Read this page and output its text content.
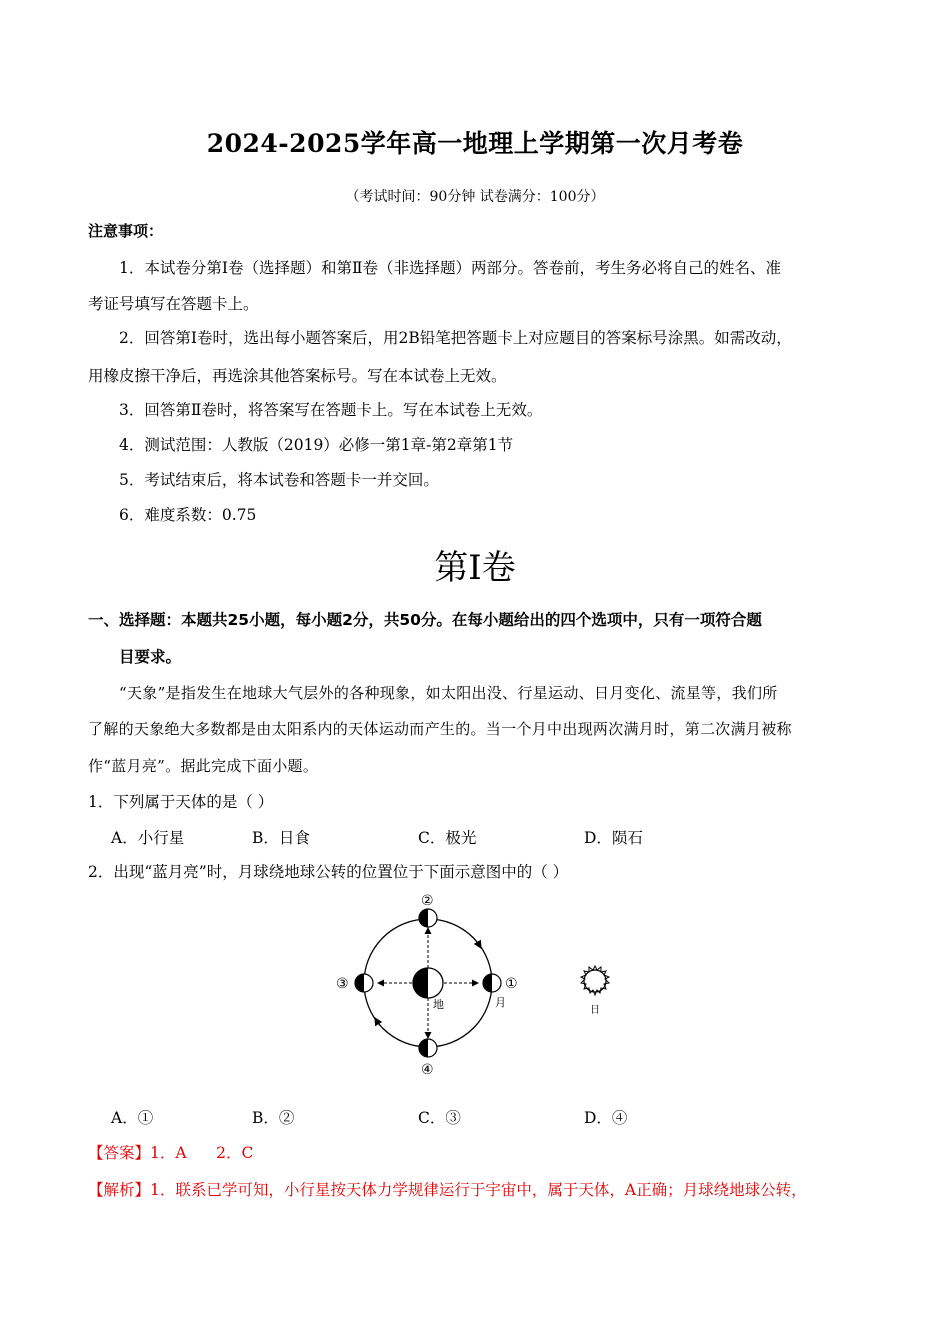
2024-2025学年高一地理上学期第一次月考卷
（考试时间：90分钟 试卷满分：100分）
注意事项：
1．本试卷分第Ⅰ卷（选择题）和第Ⅱ卷（非选择题）两部分。答卷前，考生务必将自己的姓名、准
考证号填写在答题卡上。
2．回答第Ⅰ卷时，选出每小题答案后，用2B铅笔把答题卡上对应题目的答案标号涂黑。如需改动，
用橡皮擦干净后，再选涂其他答案标号。写在本试卷上无效。
3．回答第Ⅱ卷时，将答案写在答题卡上。写在本试卷上无效。
4．测试范围：人教版（2019）必修一第1章-第2章第1节
5．考试结束后，将本试卷和答题卡一并交回。
6．难度系数：0.75
第Ⅰ卷
一、选择题：本题共25小题，每小题2分，共50分。在每小题给出的四个选项中，只有一项符合题
目要求。
“天象”是指发生在地球大气层外的各种现象，如太阳出没、行星运动、日月变化、流星等，我们所
了解的天象绝大多数都是由太阳系内的天体运动而产生的。当一个月中出现两次满月时，第二次满月被称
作“蓝月亮”。据此完成下面小题。
1．下列属于天体的是（ ）
A．小行星	B．日食	C．极光	D．陨石
2．出现“蓝月亮”时，月球绕地球公转的位置位于下面示意图中的（ ）
①
②
③
④
地	月
日
A．①	B．②	C．③	D．④
【答案】1．A      2．C
【解析】1．联系已学可知，小行星按天体力学规律运行于宇宙中，属于天体，A正确；月球绕地球公转，
